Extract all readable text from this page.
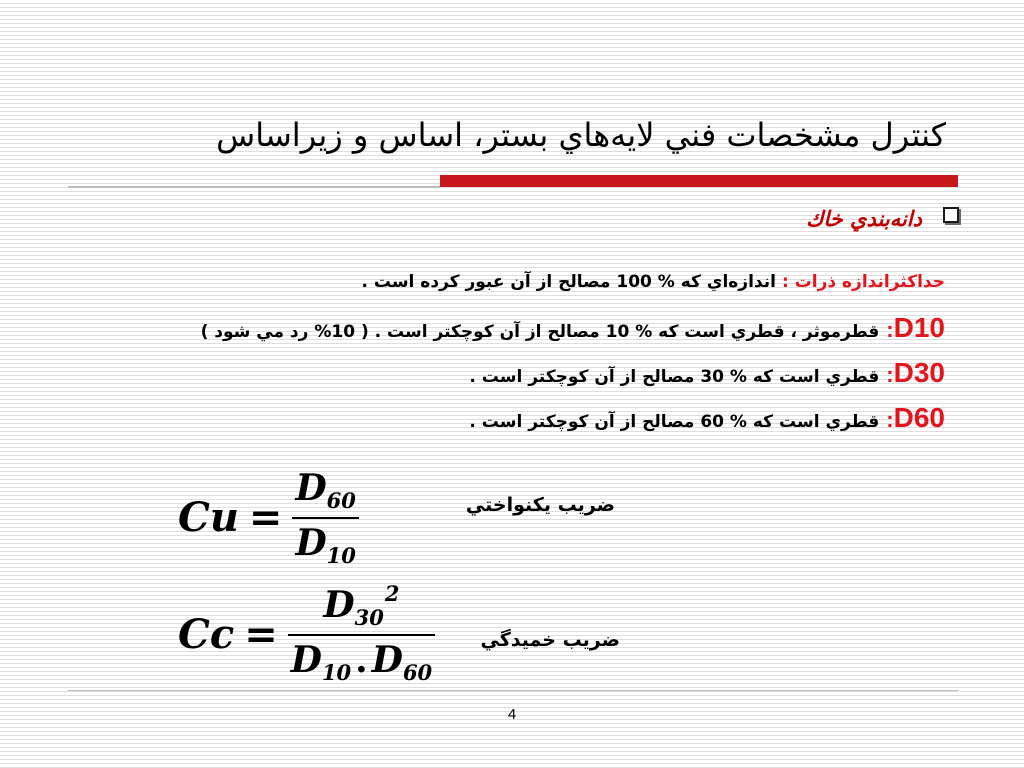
كنترل مشخصات فني لايه‌هاي بستر، اساس و زيراساس
دانه‌بندي خاك
حداكثراندازه ذرات :اندازه‌اي كه % 100 مصالح از آن عبور كرده است .
D10:قطرموثر ، قطري است كه % 10 مصالح از آن كوچكتر است . ( 10% رد مي شود )
D30:قطري است كه % 30 مصالح از آن كوچكتر است .
D60:قطري است كه % 60 مصالح از آن كوچكتر است .
$Cu = \frac{D 60}{D 10}$	ضريب يكنواختي
Cc = D 30
2
D 10 . D 60 ضريب خميدگي
4
